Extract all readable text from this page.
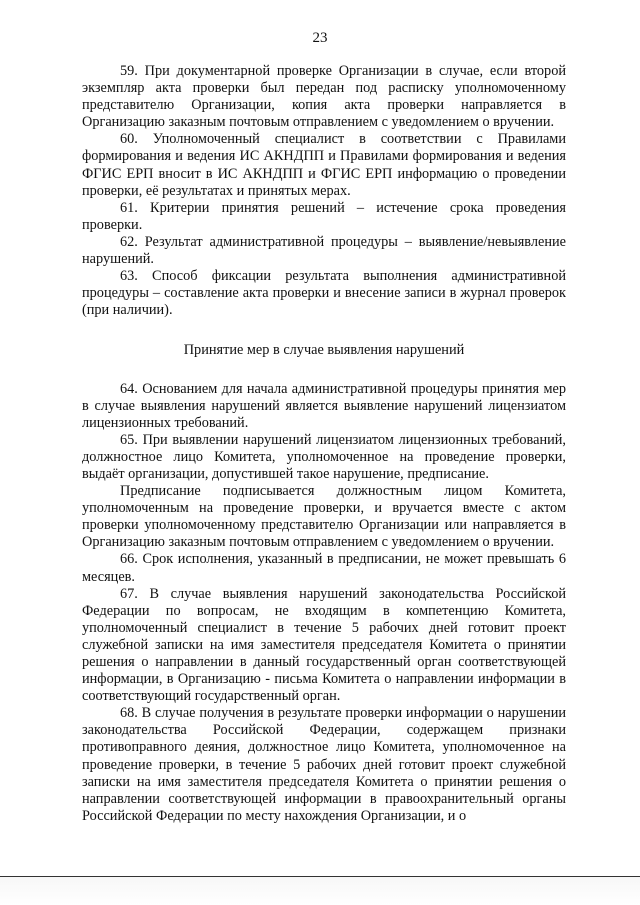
23

59. При документарной проверке Организации в случае, если второй экземпляр акта проверки был передан под расписку уполномоченному представителю Организации, копия акта проверки направляется в Организацию заказным почтовым отправлением с уведомлением о вручении.

60. Уполномоченный специалист в соответствии с Правилами формирования и ведения ИС АКНДПП и Правилами формирования и ведения ФГИС ЕРП вносит в ИС АКНДПП и ФГИС ЕРП информацию о проведении проверки, её результатах и принятых мерах.

61. Критерии принятия решений – истечение срока проведения проверки.

62. Результат административной процедуры – выявление/невыявление нарушений.

63. Способ фиксации результата выполнения административной процедуры – составление акта проверки и внесение записи в журнал проверок (при наличии).

Принятие мер в случае выявления нарушений

64. Основанием для начала административной процедуры принятия мер в случае выявления нарушений является выявление нарушений лицензиатом лицензионных требований.

65. При выявлении нарушений лицензиатом лицензионных требований, должностное лицо Комитета, уполномоченное на проведение проверки, выдаёт организации, допустившей такое нарушение, предписание.

Предписание подписывается должностным лицом Комитета, уполномоченным на проведение проверки, и вручается вместе с актом проверки уполномоченному представителю Организации или направляется в Организацию заказным почтовым отправлением с уведомлением о вручении.

66. Срок исполнения, указанный в предписании, не может превышать 6 месяцев.

67. В случае выявления нарушений законодательства Российской Федерации по вопросам, не входящим в компетенцию Комитета, уполномоченный специалист в течение 5 рабочих дней готовит проект служебной записки на имя заместителя председателя Комитета о принятии решения о направлении в данный государственный орган соответствующей информации, в Организацию - письма Комитета о направлении информации в соответствующий государственный орган.

68. В случае получения в результате проверки информации о нарушении законодательства Российской Федерации, содержащем признаки противоправного деяния, должностное лицо Комитета, уполномоченное на проведение проверки, в течение 5 рабочих дней готовит проект служебной записки на имя заместителя председателя Комитета о принятии решения о направлении соответствующей информации в правоохранительный органы Российской Федерации по месту нахождения Организации, и о
